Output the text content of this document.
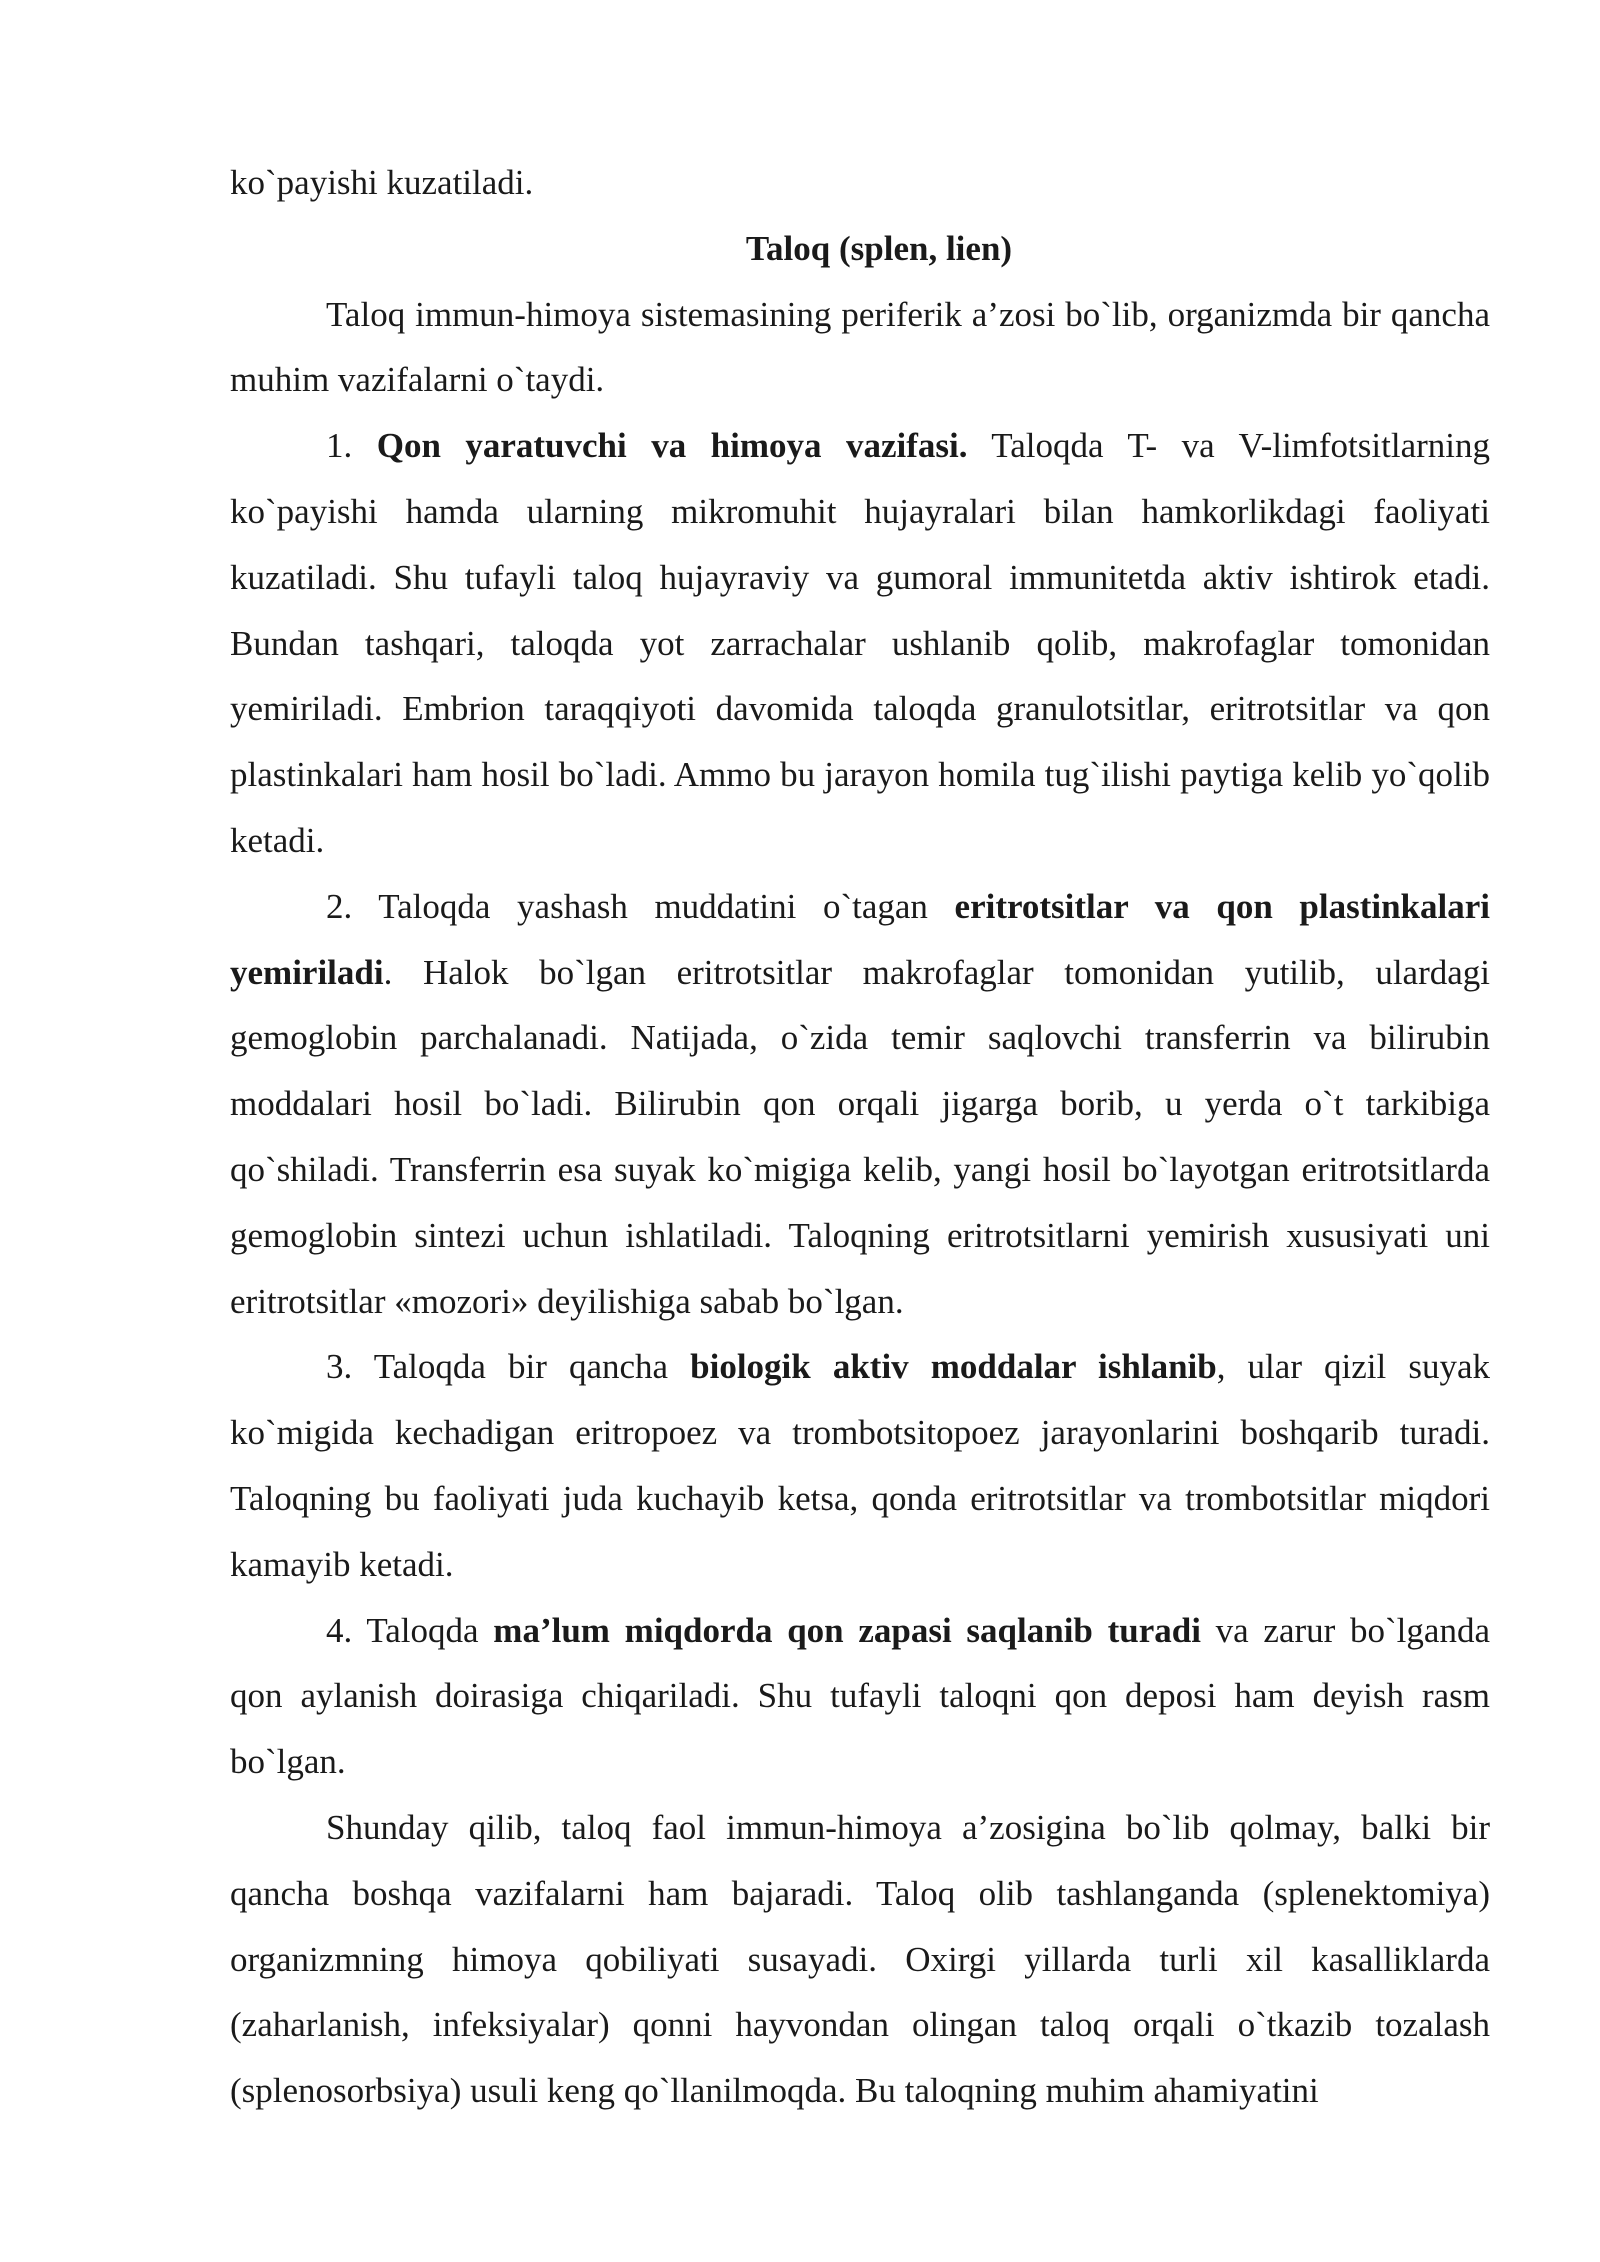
ko`payishi kuzatiladi.

Taloq (splen, lien)

Taloq immun-himoya sistemasining periferik a’zosi bo`lib, organizmda bir qancha muhim vazifalarni o`taydi.

1. Qon yaratuvchi va himoya vazifasi. Taloqda T- va V-limfotsitlarning ko`payishi hamda ularning mikromuhit hujayralari bilan hamkorlikdagi faoliyati kuzatiladi. Shu tufayli taloq hujayraviy va gumoral immunitetda aktiv ishtirok etadi. Bundan tashqari, taloqda yot zarrachalar ushlanib qolib, makrofaglar tomonidan yemiriladi. Embrion taraqqiyoti davomida taloqda granulotsitlar, eritrotsitlar va qon plastinkalari ham hosil bo`ladi. Ammo bu jarayon homila tug`ilishi paytiga kelib yo`qolib ketadi.

2. Taloqda yashash muddatini o`tagan eritrotsitlar va qon plastinkalari yemiriladi. Halok bo`lgan eritrotsitlar makrofaglar tomonidan yutilib, ulardagi gemoglobin parchalanadi. Natijada, o`zida temir saqlovchi transferrin va bilirubin moddalari hosil bo`ladi. Bilirubin qon orqali jigarga borib, u yerda o`t tarkibiga qo`shiladi. Transferrin esa suyak ko`migiga kelib, yangi hosil bo`layotgan eritrotsitlarda gemoglobin sintezi uchun ishlatiladi. Taloqning eritrotsitlarni yemirish xususiyati uni eritrotsitlar «mozori» deyilishiga sabab bo`lgan.

3. Taloqda bir qancha biologik aktiv moddalar ishlanib, ular qizil suyak ko`migida kechadigan eritropoez va trombotsitopoez jarayonlarini boshqarib turadi. Taloqning bu faoliyati juda kuchayib ketsa, qonda eritrotsitlar va trombotsitlar miqdori kamayib ketadi.

4. Taloqda ma’lum miqdorda qon zapasi saqlanib turadi va zarur bo`lganda qon aylanish doirasiga chiqariladi. Shu tufayli taloqni qon deposi ham deyish rasm bo`lgan.

Shunday qilib, taloq faol immun-himoya a’zosigina bo`lib qolmay, balki bir qancha boshqa vazifalarni ham bajaradi. Taloq olib tashlanganda (splenektomiya) organizmning himoya qobiliyati susayadi. Oxirgi yillarda turli xil kasalliklarda (zaharlanish, infeksiyalar) qonni hayvondan olingan taloq orqali o`tkazib tozalash (splenosorbsiya) usuli keng qo`llanilmoqda. Bu taloqning muhim ahamiyatini
